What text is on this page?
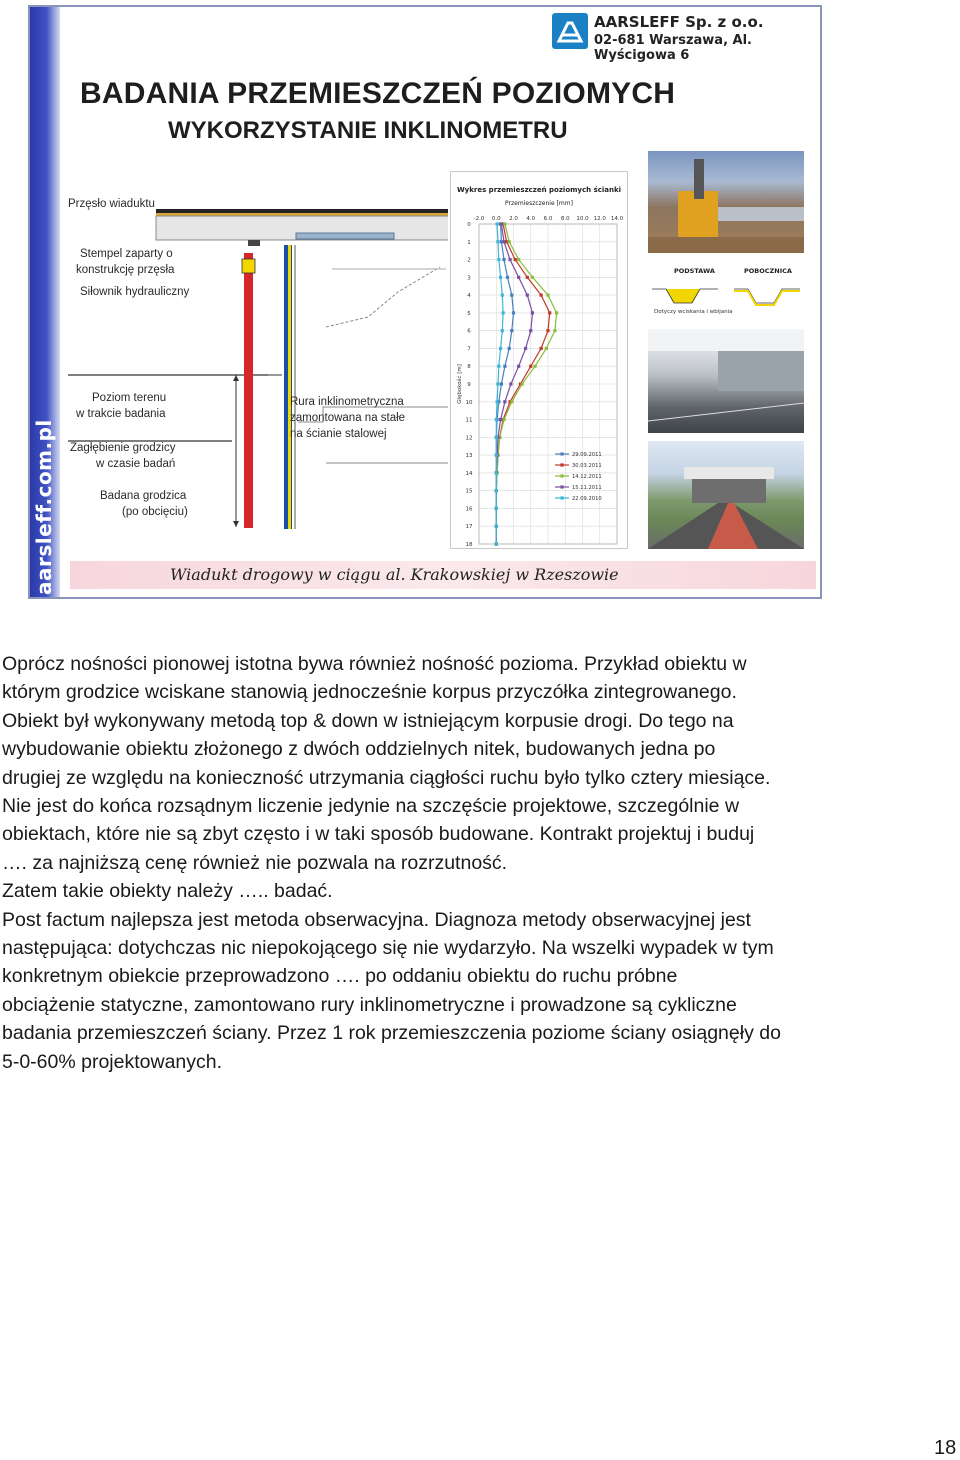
aarsleff.com.pl
AARSLEFF Sp. z o.o.
02-681 Warszawa, Al. Wyścigowa 6
BADANIA PRZEMIESZCZEŃ POZIOMYCH
WYKORZYSTANIE INKLINOMETRU
Przęsło wiaduktu
Stempel zaparty o
konstrukcję przęsła
Siłownik hydrauliczny
Poziom terenu
w trakcie badania
Zagłębienie grodzicy
w czasie badań
Badana grodzica
(po obcięciu)
Rura inklinometryczna
zamontowana na stałe
na ścianie stalowej
Wykres przemieszczeń poziomych ścianki
Przemieszczenie [mm]
-2.0 0.0 2.0 4.0 6.0 8.0 10.0 12.0 14.0
0
1
2
3
4
5
6
7
8
9
10
11
12
13
14
15
16
17
18
Głębokość [m]
29.09.2011
30.03.2011
14.12.2011
15.11.2011
22.09.2010
PODSTAWA	POBOCZNICA
Dotyczy wciskania i wbijania
Wiadukt drogowy w ciągu al. Krakowskiej w Rzeszowie

Oprócz nośności pionowej istotna bywa również nośność pozioma. Przykład obiektu w

którym grodzice wciskane stanowią jednocześnie korpus przyczółka zintegrowanego.

Obiekt był wykonywany metodą top & down w istniejącym korpusie drogi. Do tego na

wybudowanie obiektu złożonego z dwóch oddzielnych nitek, budowanych jedna po

drugiej ze względu na konieczność utrzymania ciągłości ruchu było tylko cztery miesiące.

Nie jest do końca rozsądnym liczenie jedynie na szczęście projektowe, szczególnie w

obiektach, które nie są zbyt często i w taki sposób budowane. Kontrakt projektuj i buduj

…. za najniższą cenę również nie pozwala na rozrzutność.

Zatem takie obiekty należy ….. badać.

Post factum najlepsza jest metoda obserwacyjna. Diagnoza metody obserwacyjnej jest

następująca: dotychczas nic niepokojącego się nie wydarzyło. Na wszelki wypadek w tym

konkretnym obiekcie przeprowadzono …. po oddaniu obiektu do ruchu próbne

obciążenie statyczne, zamontowano rury inklinometryczne i prowadzone są cykliczne

badania przemieszczeń ściany. Przez 1 rok przemieszczenia poziome ściany osiągnęły do

5-0-60% projektowanych.

18
